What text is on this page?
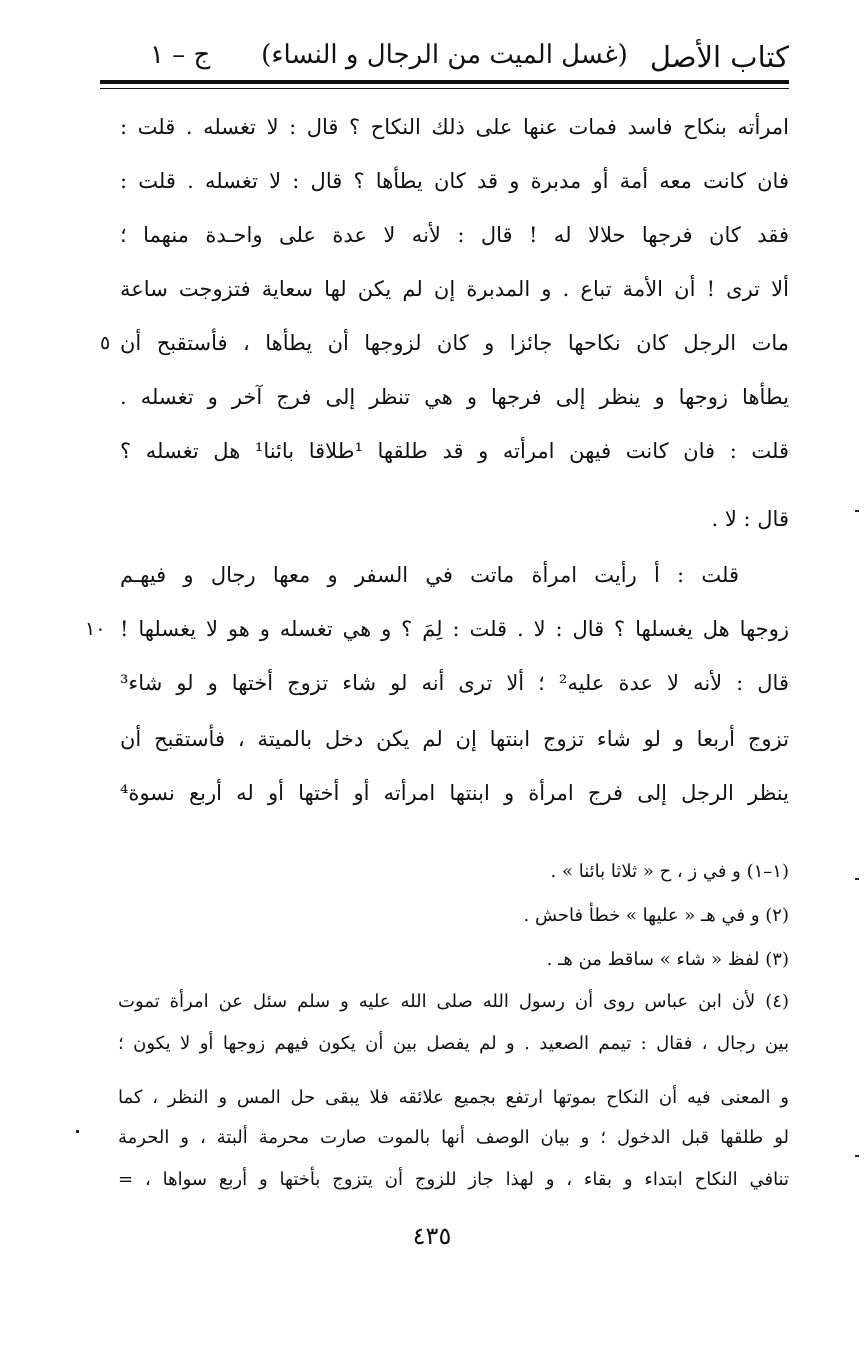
كتاب الأصل
(غسل الميت من الرجال و النساء)
ج – ١
امرأته بنكاح فاسد فمات عنها على ذلك النكاح ؟ قال : لا تغسله . قلت :
فان كانت معه أمة أو مدبرة و قد كان يطأها ؟ قال : لا تغسله . قلت :
فقد كان فرجها حلالا له ! قال : لأنه لا عدة على واحـدة منهما ؛
ألا ترى ! أن الأمة تباع . و المدبرة إن لم يكن لها سعاية فتزوجت ساعة
مات الرجل كان نكاحها جائزا و كان لزوجها أن يطأها ، فأستقبح أن
يطأها زوجها و ينظر إلى فرجها و هي تنظر إلى فرج آخر و تغسله .
قلت : فان كانت فيهن امرأته و قد طلقها ¹طلاقا بائنا¹ هل تغسله ؟
قال : لا .
قلت : أ رأيت امرأة ماتت في السفر و معها رجال و فيهـم
زوجها هل يغسلها ؟ قال : لا . قلت : لِمَ ؟ و هي تغسله و هو لا يغسلها !
قال : لأنه لا عدة عليه² ؛ ألا ترى أنه لو شاء تزوج أختها و لو شاء³
تزوج أربعا و لو شاء تزوج ابنتها إن لم يكن دخل بالميتة ، فأستقبح أن
ينظر الرجل إلى فرج امرأة و ابنتها امرأته أو أختها أو له أربع نسوة⁴
٥
١٠
(١–١) و في ز ، ح « ثلاثا بائنا » .
(٢) و في هـ « عليها » خطأ فاحش .
(٣) لفظ « شاء » ساقط من هـ .
(٤) لأن ابن عباس روى أن رسول الله صلى الله عليه و سلم سئل عن امرأة تموت
بين رجال ، فقال : تيمم الصعيد . و لم يفصل بين أن يكون فيهم زوجها أو لا يكون ؛
و المعنى فيه أن النكاح بموتها ارتفع بجميع علائقه فلا يبقى حل المس و النظر ، كما
لو طلقها قبل الدخول ؛ و بيان الوصف أنها بالموت صارت محرمة ألبتة ، و الحرمة
تنافي النكاح ابتداء و بقاء ، و لهذا جاز للزوج أن يتزوج بأختها و أربع سواها ، =
٤٣٥
